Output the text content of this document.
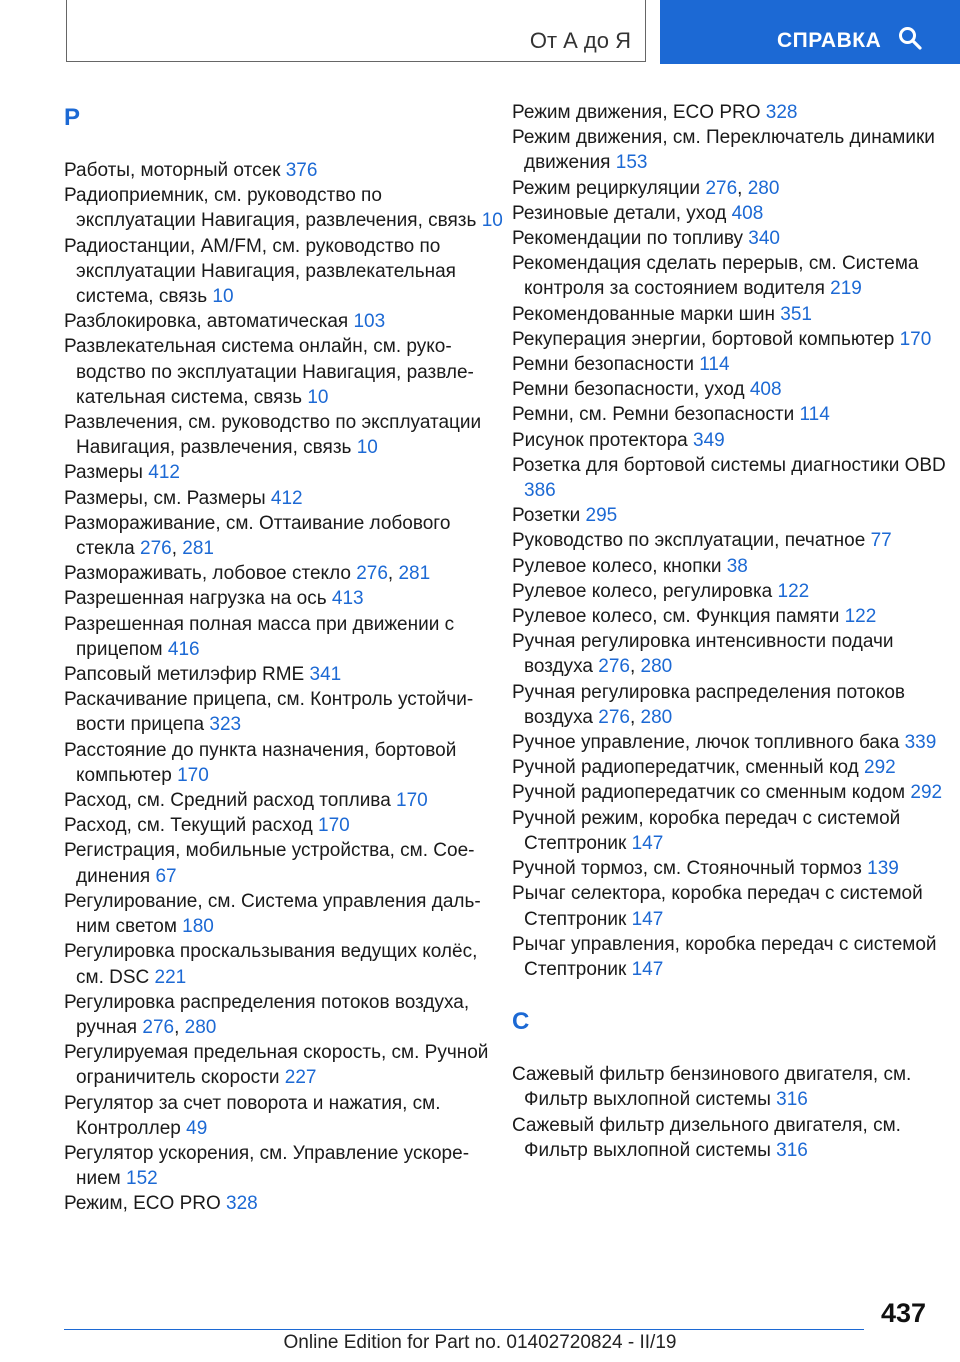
От А до Я	СПРАВКА
Р
Работы, моторный отсек 376
Радиоприемник, см. руководство по эксплуатации Навигация, развлечения, связь 10
Радиостанции, AM/FM, см. руководство по эксплуатации Навигация, развлекательная система, связь 10
Разблокировка, автоматическая 103
Развлекательная система онлайн, см. руководство по эксплуатации Навигация, развлекательная система, связь 10
Развлечения, см. руководство по эксплуатации Навигация, развлечения, связь 10
Размеры 412
Размеры, см. Размеры 412
Размораживание, см. Оттаивание лобового стекла 276, 281
Размораживать, лобовое стекло 276, 281
Разрешенная нагрузка на ось 413
Разрешенная полная масса при движении с прицепом 416
Рапсовый метилэфир RME 341
Раскачивание прицепа, см. Контроль устойчивости прицепа 323
Расстояние до пункта назначения, бортовой компьютер 170
Расход, см. Средний расход топлива 170
Расход, см. Текущий расход 170
Регистрация, мобильные устройства, см. Соединения 67
Регулирование, см. Система управления дальним светом 180
Регулировка проскальзывания ведущих колёс, см. DSC 221
Регулировка распределения потоков воздуха, ручная 276, 280
Регулируемая предельная скорость, см. Ручной ограничитель скорости 227
Регулятор за счет поворота и нажатия, см. Контроллер 49
Регулятор ускорения, см. Управление ускорением 152
Режим, ECO PRO 328
Режим движения, ECO PRO 328
Режим движения, см. Переключатель динамики движения 153
Режим рециркуляции 276, 280
Резиновые детали, уход 408
Рекомендации по топливу 340
Рекомендация сделать перерыв, см. Система контроля за состоянием водителя 219
Рекомендованные марки шин 351
Рекуперация энергии, бортовой компьютер 170
Ремни безопасности 114
Ремни безопасности, уход 408
Ремни, см. Ремни безопасности 114
Рисунок протектора 349
Розетка для бортовой системы диагностики OBD 386
Розетки 295
Руководство по эксплуатации, печатное 77
Рулевое колесо, кнопки 38
Рулевое колесо, регулировка 122
Рулевое колесо, см. Функция памяти 122
Ручная регулировка интенсивности подачи воздуха 276, 280
Ручная регулировка распределения потоков воздуха 276, 280
Ручное управление, лючок топливного бака 339
Ручной радиопередатчик, сменный код 292
Ручной радиопередатчик со сменным кодом 292
Ручной режим, коробка передач с системой Стептроник 147
Ручной тормоз, см. Стояночный тормоз 139
Рычаг селектора, коробка передач с системой Стептроник 147
Рычаг управления, коробка передач с системой Стептроник 147
С
Сажевый фильтр бензинового двигателя, см. Фильтр выхлопной системы 316
Сажевый фильтр дизельного двигателя, см. Фильтр выхлопной системы 316
437
Online Edition for Part no. 01402720824 - II/19
